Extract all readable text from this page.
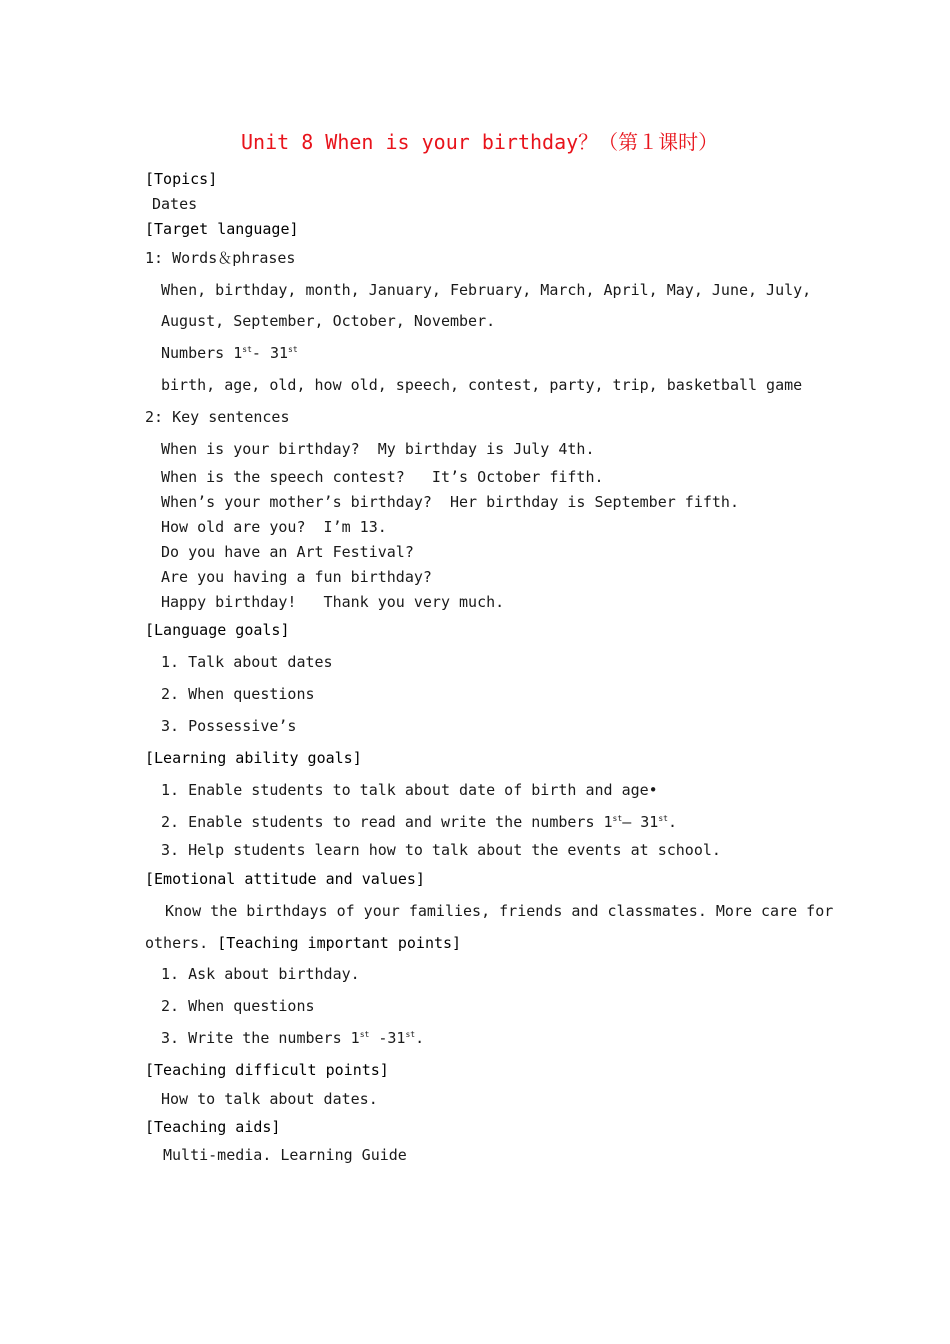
Unit 8 When is your birthday？（第１课时）
[Topics]
Dates
[Target language]
1: Words＆phrases
When, birthday, month, January, February, March, April, May, June, July,
August, September, October, November.
Numbers 1st- 31st
birth, age, old, how old, speech, contest, party, trip, basketball game
2: Key sentences
When is your birthday?  My birthday is July 4th.
When is the speech contest?   It’s October fifth.
When’s your mother’s birthday?  Her birthday is September fifth.
How old are you?  I’m 13.
Do you have an Art Festival?
Are you having a fun birthday?
Happy birthday!   Thank you very much.
[Language goals]
1. Talk about dates
2. When questions
3. Possessive’s
[Learning ability goals]
1. Enable students to talk about date of birth and age•
2. Enable students to read and write the numbers 1st— 31st.
3. Help students learn how to talk about the events at school.
[Emotional attitude and values]
Know the birthdays of your families, friends and classmates. More care for
others. [Teaching important points]
1. Ask about birthday.
2. When questions
3. Write the numbers 1st -31st.
[Teaching difficult points]
How to talk about dates.
[Teaching aids]
Multi-media. Learning Guide
